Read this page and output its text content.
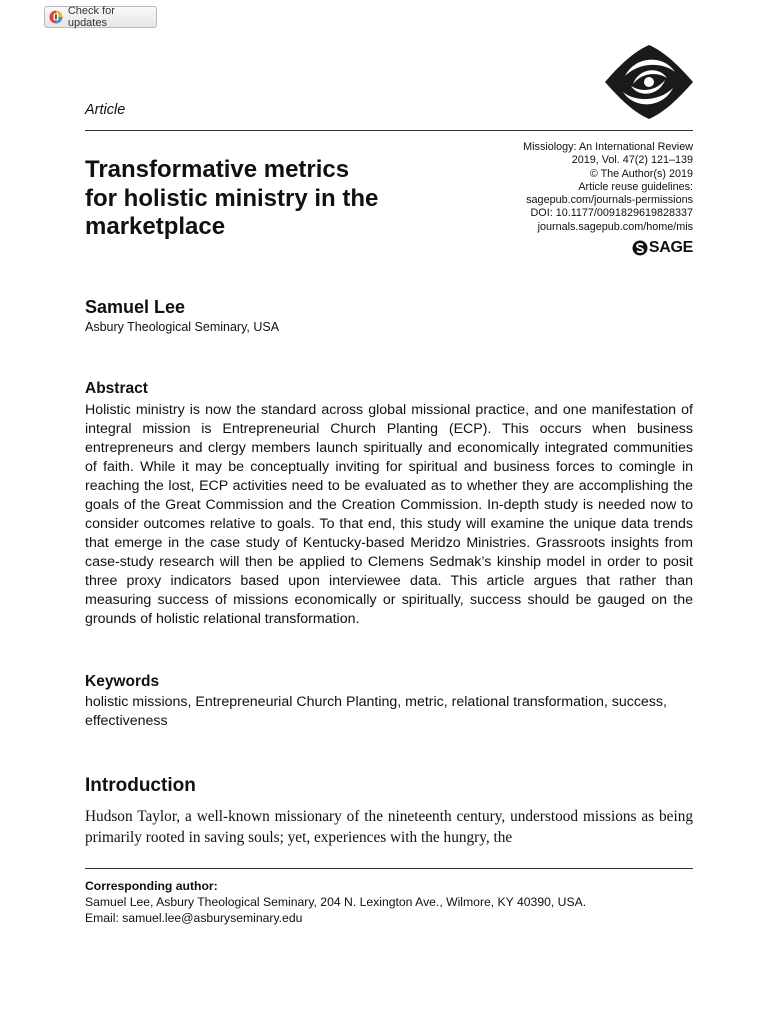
Check for updates
Article
Missiology: An International Review
2019, Vol. 47(2) 121–139
© The Author(s) 2019
Article reuse guidelines:
sagepub.com/journals-permissions
DOI: 10.1177/0091829619828337
journals.sagepub.com/home/mis
SAGE
Transformative metrics
for holistic ministry in the
marketplace
Samuel Lee
Asbury Theological Seminary, USA
Abstract

Holistic ministry is now the standard across global missional practice, and one manifestation of integral mission is Entrepreneurial Church Planting (ECP). This occurs when business entrepreneurs and clergy members launch spiritually and economically integrated communities of faith. While it may be conceptually inviting for spiritual and business forces to comingle in reaching the lost, ECP activities need to be evaluated as to whether they are accomplishing the goals of the Great Commission and the Creation Commission. In-depth study is needed now to consider outcomes relative to goals. To that end, this study will examine the unique data trends that emerge in the case study of Kentucky-based Meridzo Ministries. Grassroots insights from case-study research will then be applied to Clemens Sedmak’s kinship model in order to posit three proxy indicators based upon interviewee data. This article argues that rather than measuring success of missions economically or spiritually, success should be gauged on the grounds of holistic relational transformation.

Keywords

holistic missions, Entrepreneurial Church Planting, metric, relational transformation, success, effectiveness

Introduction

Hudson Taylor, a well-known missionary of the nineteenth century, understood missions as being primarily rooted in saving souls; yet, experiences with the hungry, the

Corresponding author:
Samuel Lee, Asbury Theological Seminary, 204 N. Lexington Ave., Wilmore, KY 40390, USA.
Email: samuel.lee@asburyseminary.edu
